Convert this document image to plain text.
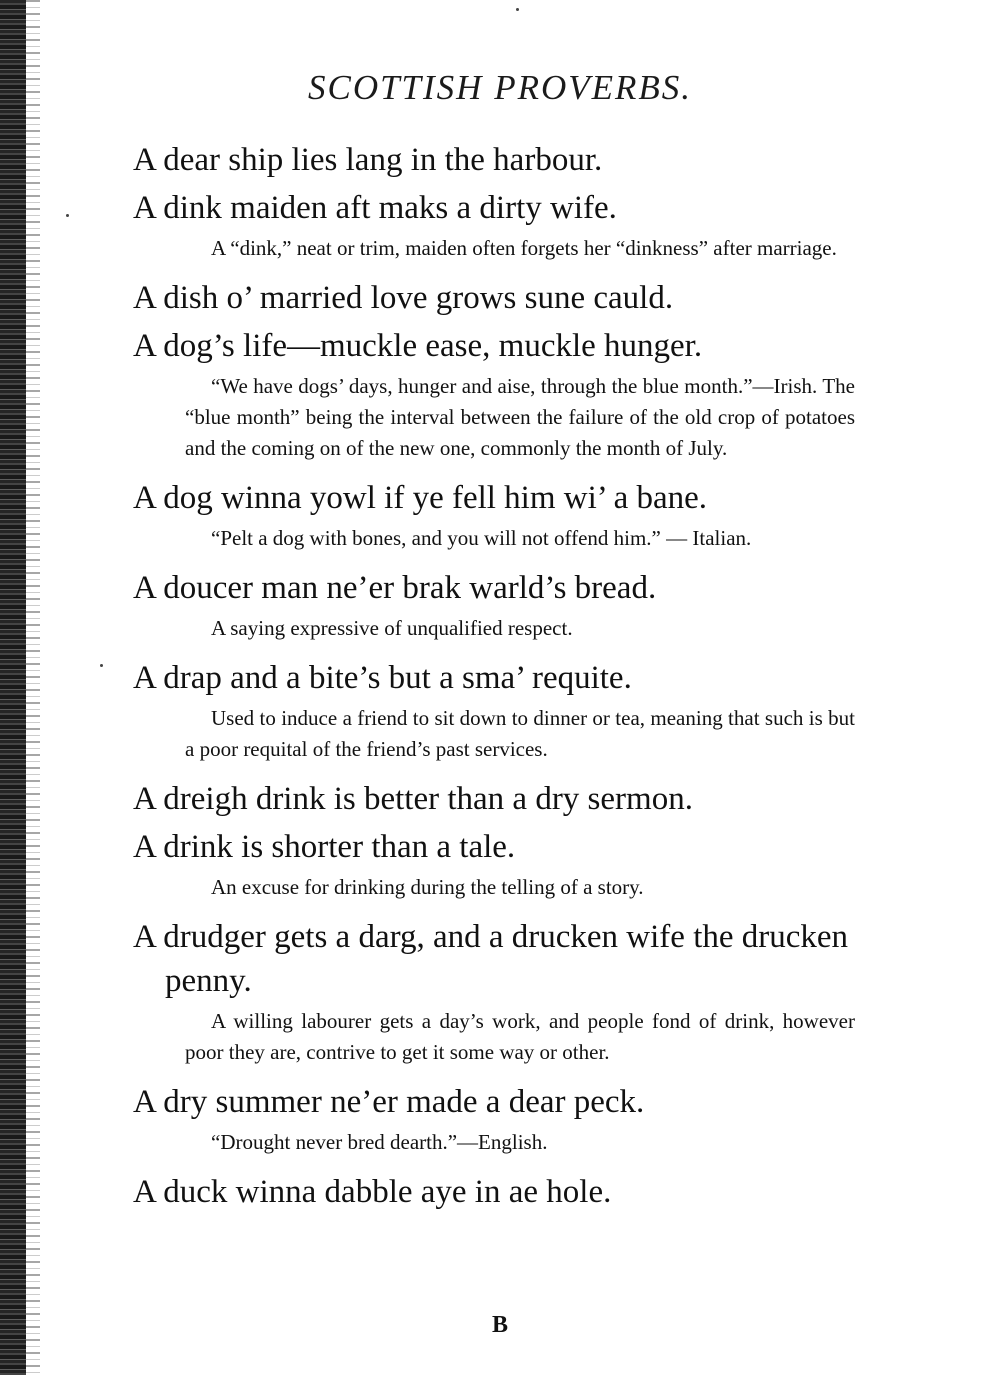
SCOTTISH PROVERBS.

A dear ship lies lang in the harbour.

A dink maiden aft maks a dirty wife.

A “dink,” neat or trim, maiden often forgets her “dinkness” after marriage.

A dish o’ married love grows sune cauld.

A dog’s life—muckle ease, muckle hunger.

“We have dogs’ days, hunger and aise, through the blue month.”—Irish. The “blue month” being the interval between the failure of the old crop of potatoes and the coming on of the new one, commonly the month of July.

A dog winna yowl if ye fell him wi’ a bane.

“Pelt a dog with bones, and you will not offend him.” — Italian.

A doucer man ne’er brak warld’s bread.

A saying expressive of unqualified respect.

A drap and a bite’s but a sma’ requite.

Used to induce a friend to sit down to dinner or tea, meaning that such is but a poor requital of the friend’s past services.

A dreigh drink is better than a dry sermon.

A drink is shorter than a tale.

An excuse for drinking during the telling of a story.

A drudger gets a darg, and a drucken wife the drucken penny.

A willing labourer gets a day’s work, and people fond of drink, however poor they are, contrive to get it some way or other.

A dry summer ne’er made a dear peck.

“Drought never bred dearth.”—English.

A duck winna dabble aye in ae hole.

B
